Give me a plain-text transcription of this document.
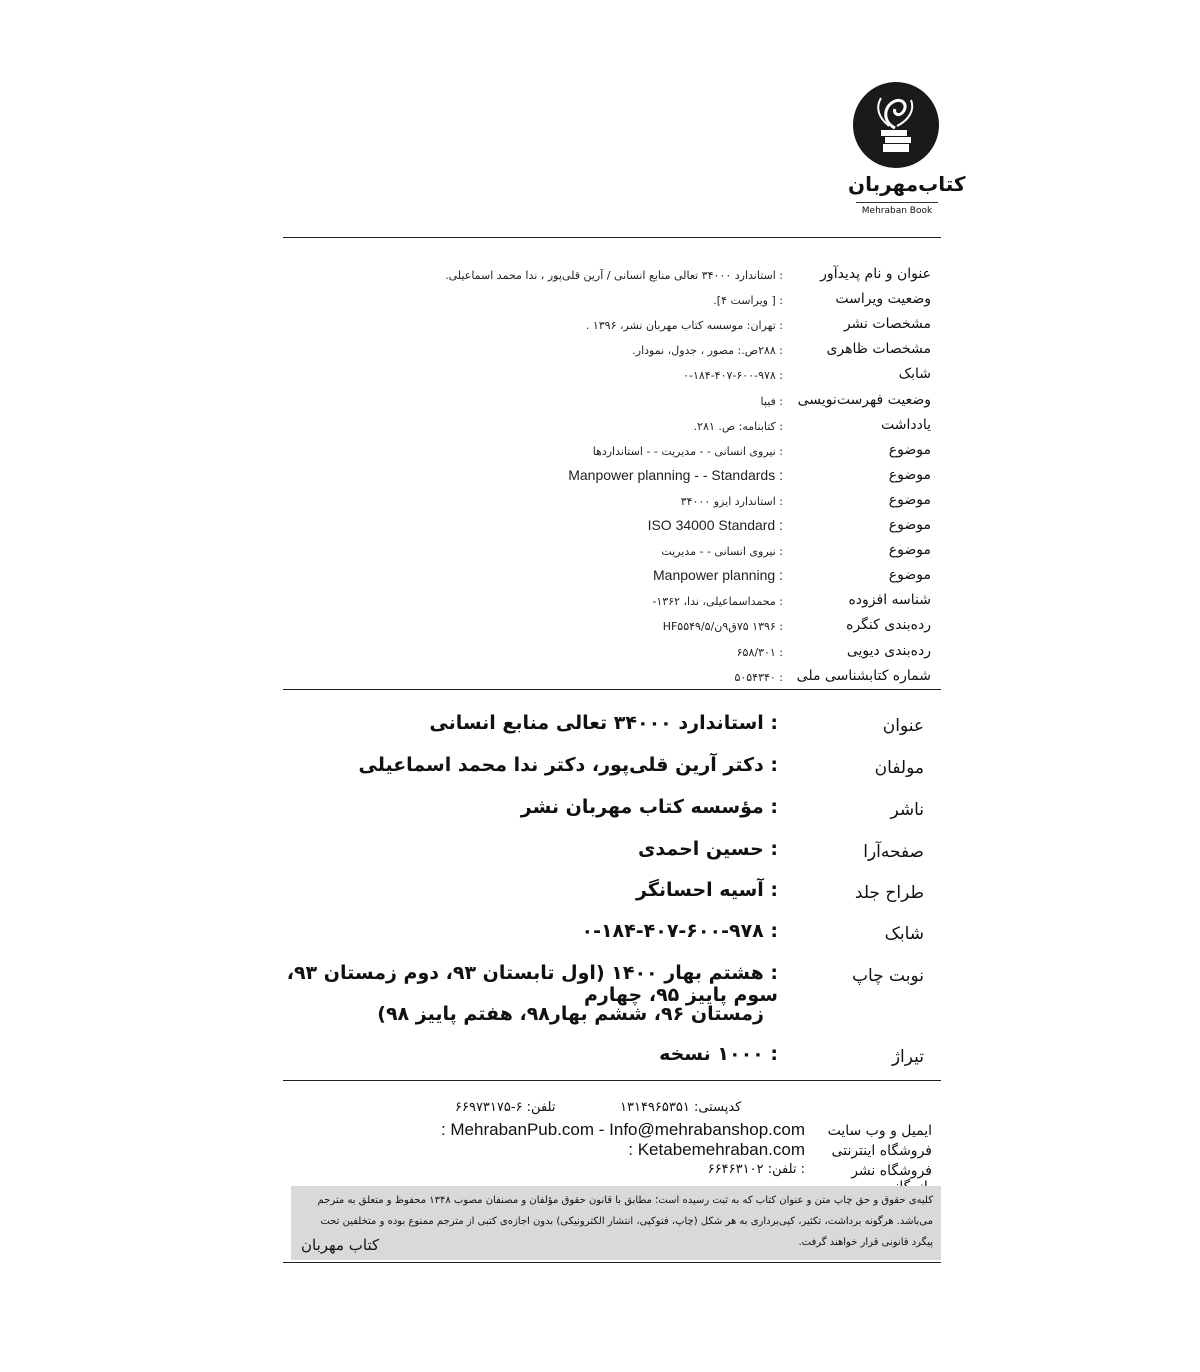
کتاب‌مهربان
Mehraban Book
عنوان و نام پدیدآور
: استاندارد ۳۴۰۰۰ تعالی منابع انسانی / آرین قلی‌پور ، ندا محمد اسماعیلی.
وضعیت ویراست
: [ ویراست ۴].
مشخصات نشر
: تهران: موسسه کتاب مهربان نشر، ۱۳۹۶ .
مشخصات ظاهری
: ۲۸۸ص.: مصور ، جدول، نمودار.
شابک
: ۰-۱۸۴-۴۰۷-۶۰۰-۹۷۸
وضعیت فهرست‌نویسی
: فیپا
یادداشت
: کتابنامه: ص. ۲۸۱.
موضوع
: نیروی انسانی - - مدیریت - - استانداردها
موضوع
Manpower planning - - Standards :
موضوع
: استاندارد ایزو ۳۴۰۰۰
موضوع
ISO 34000 Standard :
موضوع
: نیروی انسانی - - مدیریت
موضوع
Manpower planning :
شناسه افزوده
: محمداسماعیلی، ندا، ۱۳۶۲-
رده‌بندی کنگره
: ۱۳۹۶ ۷۵ق۹ن/۵/HF۵۵۴۹
رده‌بندی دیویی
: ۶۵۸/۳۰۱
شماره کتابشناسی ملی
: ۵۰۵۴۳۴۰
عنوان
: استاندارد ۳۴۰۰۰ تعالی منابع انسانی
مولفان
: دکتر آرین قلی‌پور، دکتر ندا محمد اسماعیلی
ناشر
: مؤسسه کتاب مهربان نشر
صفحه‌آرا
: حسین احمدی
طراح جلد
: آسیه احسانگر
شابک
: ۰-۱۸۴-۴۰۷-۶۰۰-۹۷۸
نوبت چاپ
: هشتم بهار ۱۴۰۰ (اول تابستان ۹۳، دوم زمستان ۹۳، سوم پاییز ۹۵، چهارم
زمستان ۹۶، ششم بهار۹۸، هفتم پاییز ۹۸)
تیراژ
: ۱۰۰۰ نسخه
کدپستی: ۱۳۱۴۹۶۵۳۵۱
تلفن: ۶-۶۶۹۷۳۱۷۵
ایمیل و وب سایت
MehrabanPub.com - Info@mehrabanshop.com :
فروشگاه اینترنتی
Ketabemehraban.com :
فروشگاه نشر
: تلفن: ۶۶۴۶۳۱۰۲
کلیه‌ی حقوق و حق چاپ متن و عنوان کتاب که به ثبت رسیده است؛ مطابق با قانون حقوق مؤلفان و مصنفان مصوب ۱۳۴۸ محفوظ و متعلق به مترجم می‌باشد. هرگونه برداشت، تکثیر، کپی‌برداری به هر شکل (چاپ، فتوکپی، انتشار الکترونیکی) بدون اجازه‌ی کتبی از مترجم ممنوع بوده و متخلفین تحت پیگرد قانونی قرار خواهند گرفت.
کتاب مهربان
